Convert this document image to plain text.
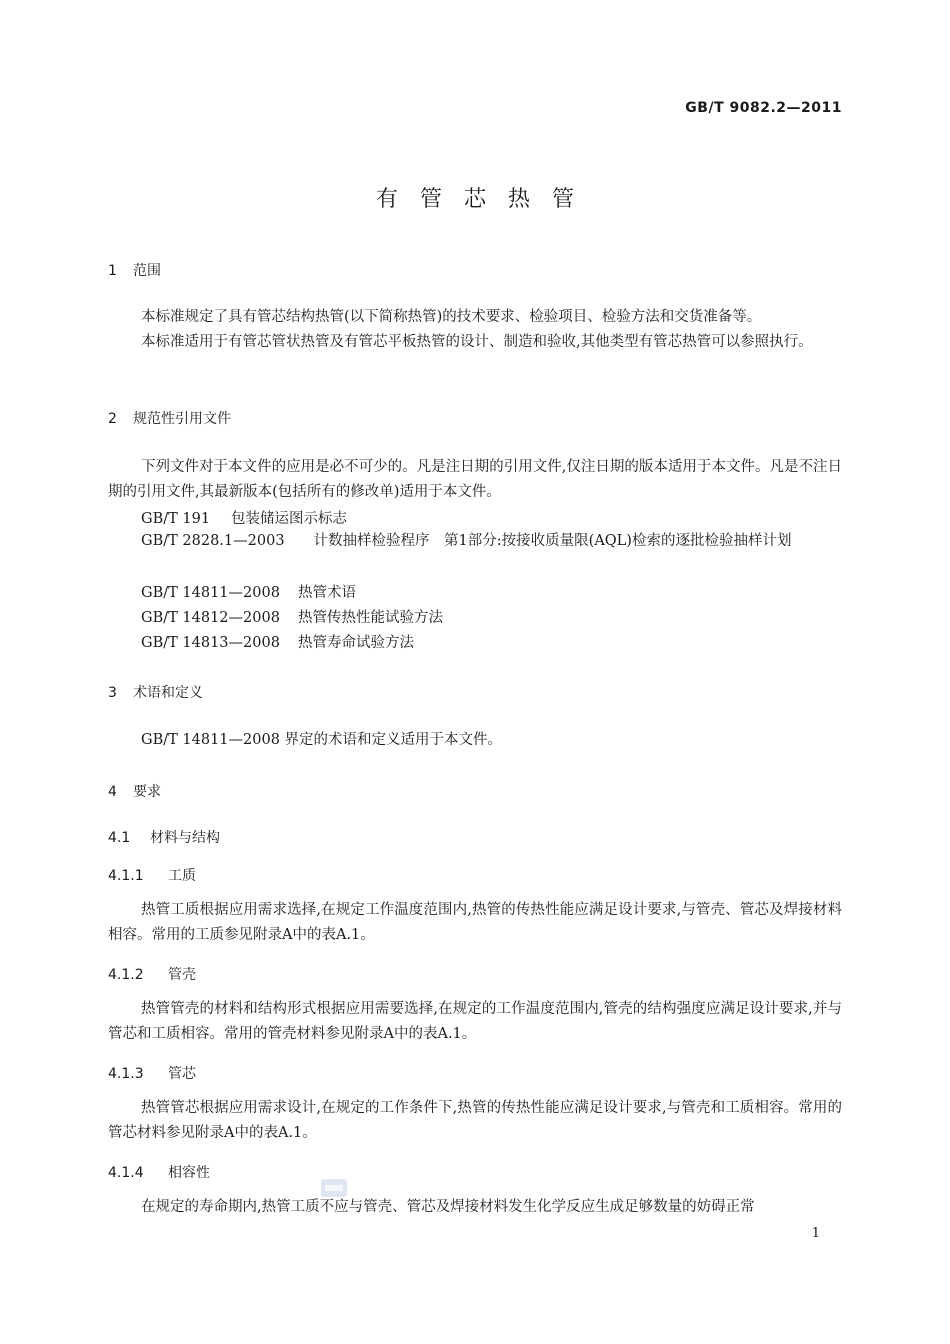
GB/T 9082.2—2011
有管芯热管
1 范围
本标准规定了具有管芯结构热管(以下简称热管)的技术要求、检验项目、检验方法和交货准备等。
本标准适用于有管芯管状热管及有管芯平板热管的设计、制造和验收,其他类型有管芯热管可以参照执行。
2 规范性引用文件
下列文件对于本文件的应用是必不可少的。凡是注日期的引用文件,仅注日期的版本适用于本文件。凡是不注日期的引用文件,其最新版本(包括所有的修改单)适用于本文件。
GB/T 191 包装储运图示标志
GB/T 2828.1—2003　　 计数抽样检验程序　第1部分:按接收质量限(AQL)检索的逐批检验抽样计划
GB/T 14811—2008 热管术语
GB/T 14812—2008 热管传热性能试验方法
GB/T 14813—2008 热管寿命试验方法
3 术语和定义
GB/T 14811—2008 界定的术语和定义适用于本文件。
4 要求
4.1 材料与结构
4.1.1 工质
热管工质根据应用需求选择,在规定工作温度范围内,热管的传热性能应满足设计要求,与管壳、管芯及焊接材料相容。常用的工质参见附录A中的表A.1。
4.1.2 管壳
热管管壳的材料和结构形式根据应用需要选择,在规定的工作温度范围内,管壳的结构强度应满足设计要求,并与管芯和工质相容。常用的管壳材料参见附录A中的表A.1。
4.1.3 管芯
热管管芯根据应用需求设计,在规定的工作条件下,热管的传热性能应满足设计要求,与管壳和工质相容。常用的管芯材料参见附录A中的表A.1。
4.1.4 相容性
在规定的寿命期内,热管工质不应与管壳、管芯及焊接材料发生化学反应生成足够数量的妨碍正常
1
